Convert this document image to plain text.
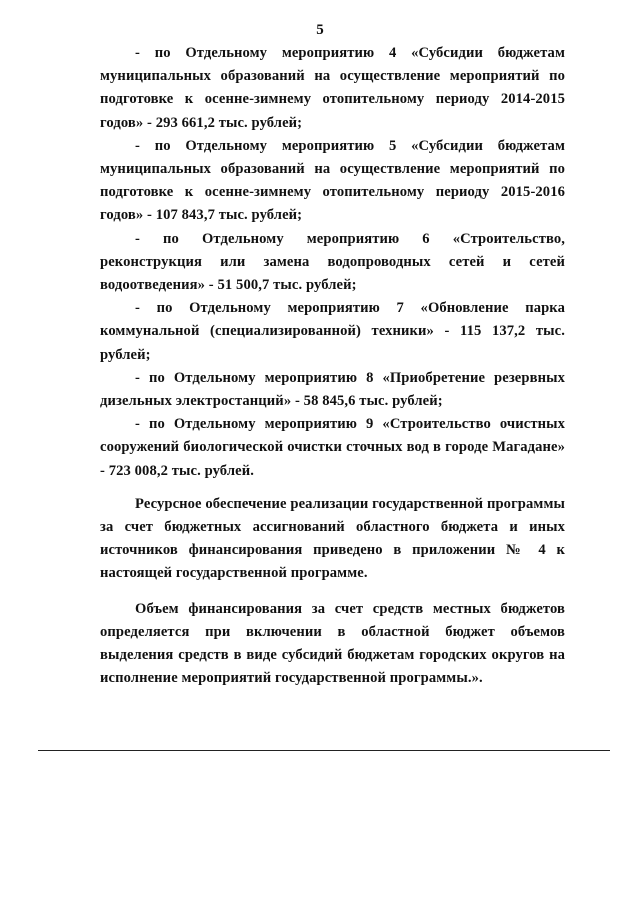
5

- по Отдельному мероприятию 4 «Субсидии бюджетам муниципальных образований на осуществление мероприятий по подготовке к осенне-зимнему отопительному периоду 2014-2015 годов» - 293 661,2 тыс. рублей;

- по Отдельному мероприятию 5 «Субсидии бюджетам муниципальных образований на осуществление мероприятий по подготовке к осенне-зимнему отопительному периоду 2015-2016 годов» - 107 843,7 тыс. рублей;

- по Отдельному мероприятию 6 «Строительство, реконструкция или замена водопроводных сетей и сетей водоотведения» - 51 500,7 тыс. рублей;

- по Отдельному мероприятию 7 «Обновление парка коммунальной (специализированной) техники» - 115 137,2 тыс. рублей;

- по Отдельному мероприятию 8 «Приобретение резервных дизельных электростанций» - 58 845,6 тыс. рублей;

- по Отдельному мероприятию 9 «Строительство очистных сооружений биологической очистки сточных вод в городе Магадане» - 723 008,2 тыс. рублей.

Ресурсное обеспечение реализации государственной программы за счет бюджетных ассигнований областного бюджета и иных источников финансирования приведено в приложении № 4 к настоящей государственной программе.

Объем финансирования за счет средств местных бюджетов определяется при включении в областной бюджет объемов выделения средств в виде субсидий бюджетам городских округов на исполнение мероприятий государственной программы.».
